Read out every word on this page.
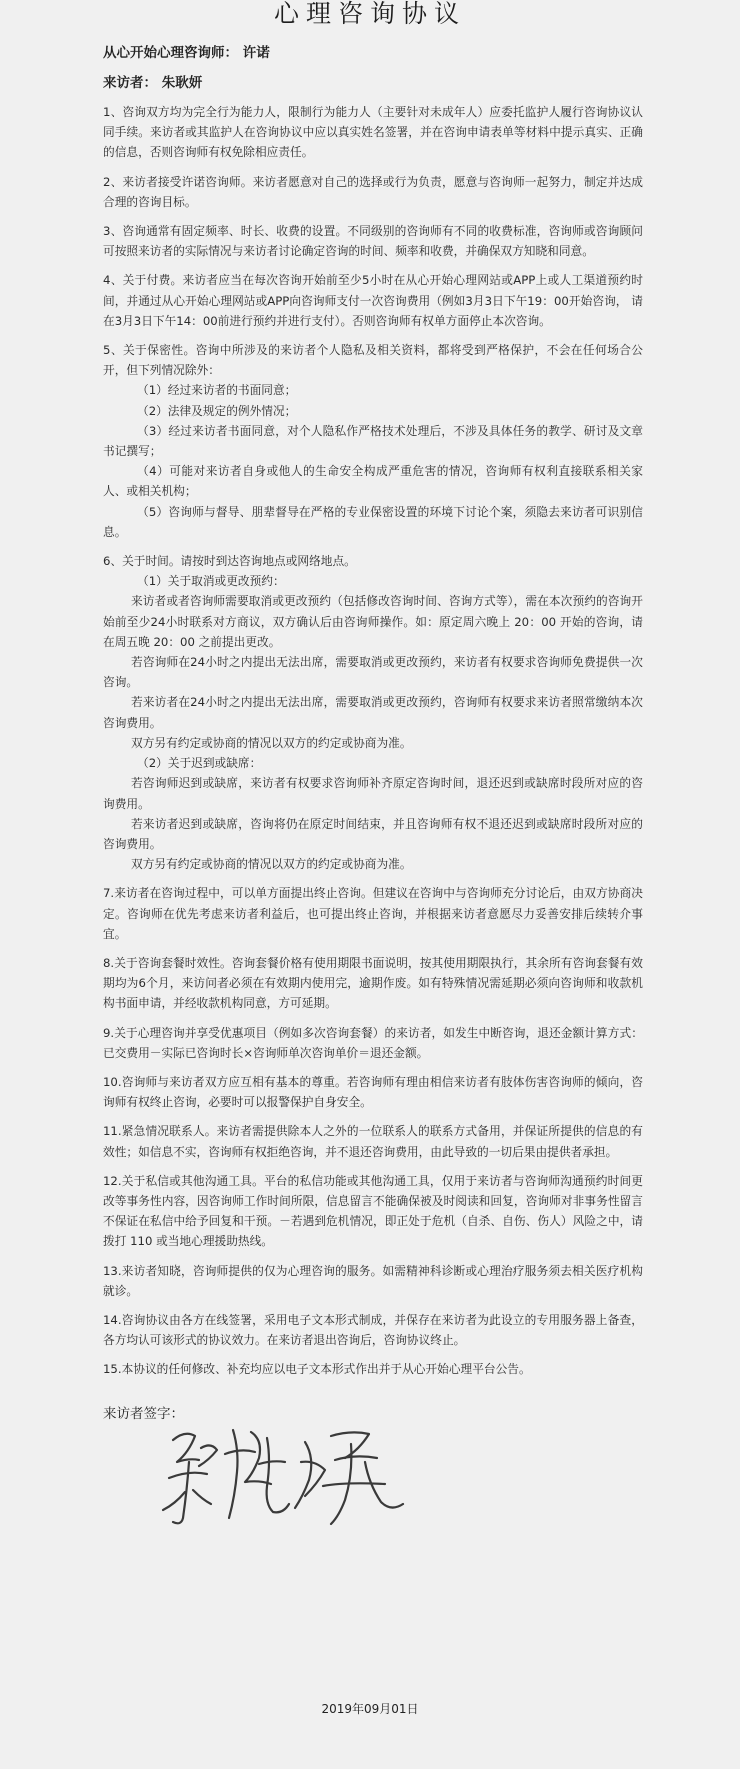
心理咨询协议
从心开始心理咨询师： 许诺
来访者： 朱耿妍

1、咨询双方均为完全行为能力人，限制行为能力人（主要针对未成年人）应委托监护人履行咨询协议认同手续。来访者或其监护人在咨询协议中应以真实姓名签署，并在咨询申请表单等材料中提示真实、正确的信息，否则咨询师有权免除相应责任。

2、来访者接受许诺咨询师。来访者愿意对自己的选择或行为负责，愿意与咨询师一起努力，制定并达成合理的咨询目标。

3、咨询通常有固定频率、时长、收费的设置。不同级别的咨询师有不同的收费标准，咨询师或咨询顾问可按照来访者的实际情况与来访者讨论确定咨询的时间、频率和收费，并确保双方知晓和同意。

4、关于付费。来访者应当在每次咨询开始前至少5小时在从心开始心理网站或APP上或人工渠道预约时间，并通过从心开始心理网站或APP向咨询师支付一次咨询费用（例如3月3日下午19：00开始咨询， 请在3月3日下午14：00前进行预约并进行支付）。否则咨询师有权单方面停止本次咨询。

5、关于保密性。咨询中所涉及的来访者个人隐私及相关资料，都将受到严格保护，不会在任何场合公开，但下列情况除外：

（1）经过来访者的书面同意；

（2）法律及规定的例外情况；

（3）经过来访者书面同意，对个人隐私作严格技术处理后，不涉及具体任务的教学、研讨及文章书记撰写；

（4）可能对来访者自身或他人的生命安全构成严重危害的情况，咨询师有权利直接联系相关家人、或相关机构；

（5）咨询师与督导、朋辈督导在严格的专业保密设置的环境下讨论个案，须隐去来访者可识别信息。

6、关于时间。请按时到达咨询地点或网络地点。

（1）关于取消或更改预约：

来访者或者咨询师需要取消或更改预约（包括修改咨询时间、咨询方式等），需在本次预约的咨询开始前至少24小时联系对方商议，双方确认后由咨询师操作。如：原定周六晚上 20：00 开始的咨询，请在周五晚 20：00 之前提出更改。

若咨询师在24小时之内提出无法出席，需要取消或更改预约，来访者有权要求咨询师免费提供一次咨询。

若来访者在24小时之内提出无法出席，需要取消或更改预约，咨询师有权要求来访者照常缴纳本次咨询费用。

双方另有约定或协商的情况以双方的约定或协商为准。

（2）关于迟到或缺席：

若咨询师迟到或缺席，来访者有权要求咨询师补齐原定咨询时间，退还迟到或缺席时段所对应的咨询费用。

若来访者迟到或缺席，咨询将仍在原定时间结束，并且咨询师有权不退还迟到或缺席时段所对应的咨询费用。

双方另有约定或协商的情况以双方的约定或协商为准。

7.来访者在咨询过程中，可以单方面提出终止咨询。但建议在咨询中与咨询师充分讨论后，由双方协商决定。咨询师在优先考虑来访者利益后，也可提出终止咨询，并根据来访者意愿尽力妥善安排后续转介事宜。

8.关于咨询套餐时效性。咨询套餐价格有使用期限书面说明，按其使用期限执行，其余所有咨询套餐有效期均为6个月，来访问者必须在有效期内使用完，逾期作废。如有特殊情况需延期必须向咨询师和收款机构书面申请，并经收款机构同意，方可延期。

9.关于心理咨询并享受优惠项目（例如多次咨询套餐）的来访者，如发生中断咨询，退还金额计算方式：已交费用－实际已咨询时长×咨询师单次咨询单价＝退还金额。

10.咨询师与来访者双方应互相有基本的尊重。若咨询师有理由相信来访者有肢体伤害咨询师的倾向，咨询师有权终止咨询，必要时可以报警保护自身安全。

11.紧急情况联系人。来访者需提供除本人之外的一位联系人的联系方式备用，并保证所提供的信息的有效性；如信息不实，咨询师有权拒绝咨询，并不退还咨询费用，由此导致的一切后果由提供者承担。

12.关于私信或其他沟通工具。平台的私信功能或其他沟通工具，仅用于来访者与咨询师沟通预约时间更改等事务性内容，因咨询师工作时间所限，信息留言不能确保被及时阅读和回复，咨询师对非事务性留言不保证在私信中给予回复和干预。－若遇到危机情况，即正处于危机（自杀、自伤、伤人）风险之中，请拨打 110 或当地心理援助热线。

13.来访者知晓，咨询师提供的仅为心理咨询的服务。如需精神科诊断或心理治疗服务须去相关医疗机构就诊。

14.咨询协议由各方在线签署，采用电子文本形式制成，并保存在来访者为此设立的专用服务器上备查，各方均认可该形式的协议效力。在来访者退出咨询后，咨询协议终止。

15.本协议的任何修改、补充均应以电子文本形式作出并于从心开始心理平台公告。

来访者签字：
2019年09月01日
